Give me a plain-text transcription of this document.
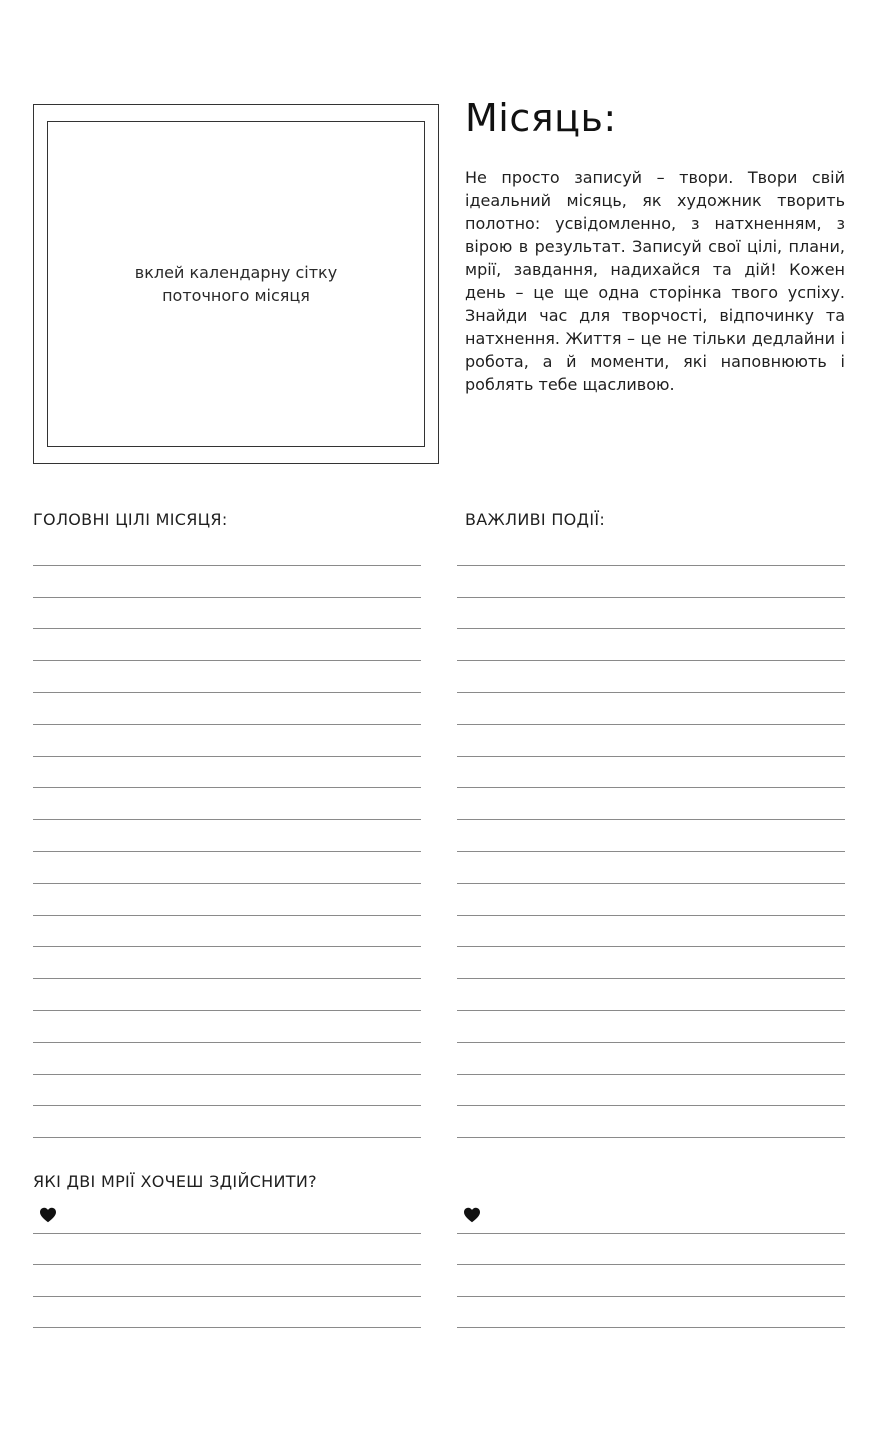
вклей календарну сітку поточного місяця
Місяць:

Не просто записуй – твори. Твори свій ідеальний місяць, як художник творить полотно: усвідомленно, з натхненням, з вірою в результат. Записуй свої цілі, плани, мрії, завдання, надихайся та дій! Кожен день – це ще одна сторінка твого успіху. Знайди час для творчості, відпочинку та натхнення. Життя – це не тільки дедлайни і робота, а й моменти, які наповнюють і роблять тебе щасливою.

ГОЛОВНІ ЦІЛІ МІСЯЦЯ:	ВАЖЛИВІ ПОДІЇ:
ЯКІ ДВІ МРІЇ ХОЧЕШ ЗДІЙСНИТИ?
